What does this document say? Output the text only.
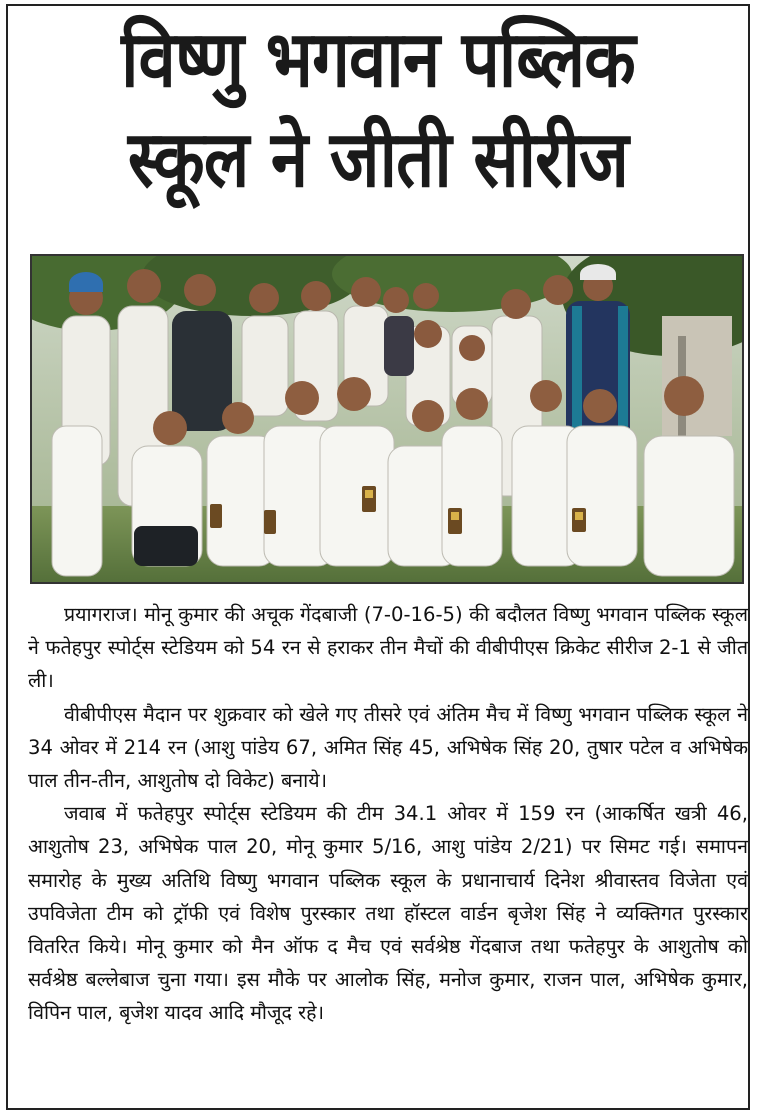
विष्णु भगवान पब्लिक
स्कूल ने जीती सीरीज

प्रयागराज। मोनू कुमार की अचूक गेंदबाजी (7-0-16-5) की बदौलत विष्णु भगवान पब्लिक स्कूल ने फतेहपुर स्पोर्ट्स स्टेडियम को 54 रन से हराकर तीन मैचों की वीबीपीएस क्रिकेट सीरीज 2-1 से जीत ली।

वीबीपीएस मैदान पर शुक्रवार को खेले गए तीसरे एवं अंतिम मैच में विष्णु भगवान पब्लिक स्कूल ने 34 ओवर में 214 रन (आशु पांडेय 67, अमित सिंह 45, अभिषेक सिंह 20, तुषार पटेल व अभिषेक पाल तीन-तीन, आशुतोष दो विकेट) बनाये।

जवाब में फतेहपुर स्पोर्ट्स स्टेडियम की टीम 34.1 ओवर में 159 रन (आकर्षित खत्री 46, आशुतोष 23, अभिषेक पाल 20, मोनू कुमार 5/16, आशु पांडेय 2/21) पर सिमट गई। समापन समारोह के मुख्य अतिथि विष्णु भगवान पब्लिक स्कूल के प्रधानाचार्य दिनेश श्रीवास्तव विजेता एवं उपविजेता टीम को ट्रॉफी एवं विशेष पुरस्कार तथा हॉस्टल वार्डन बृजेश सिंह ने व्यक्तिगत पुरस्कार वितरित किये। मोनू कुमार को मैन ऑफ द मैच एवं सर्वश्रेष्ठ गेंदबाज तथा फतेहपुर के आशुतोष को सर्वश्रेष्ठ बल्लेबाज चुना गया। इस मौके पर आलोक सिंह, मनोज कुमार, राजन पाल, अभिषेक कुमार, विपिन पाल, बृजेश यादव आदि मौजूद रहे।
